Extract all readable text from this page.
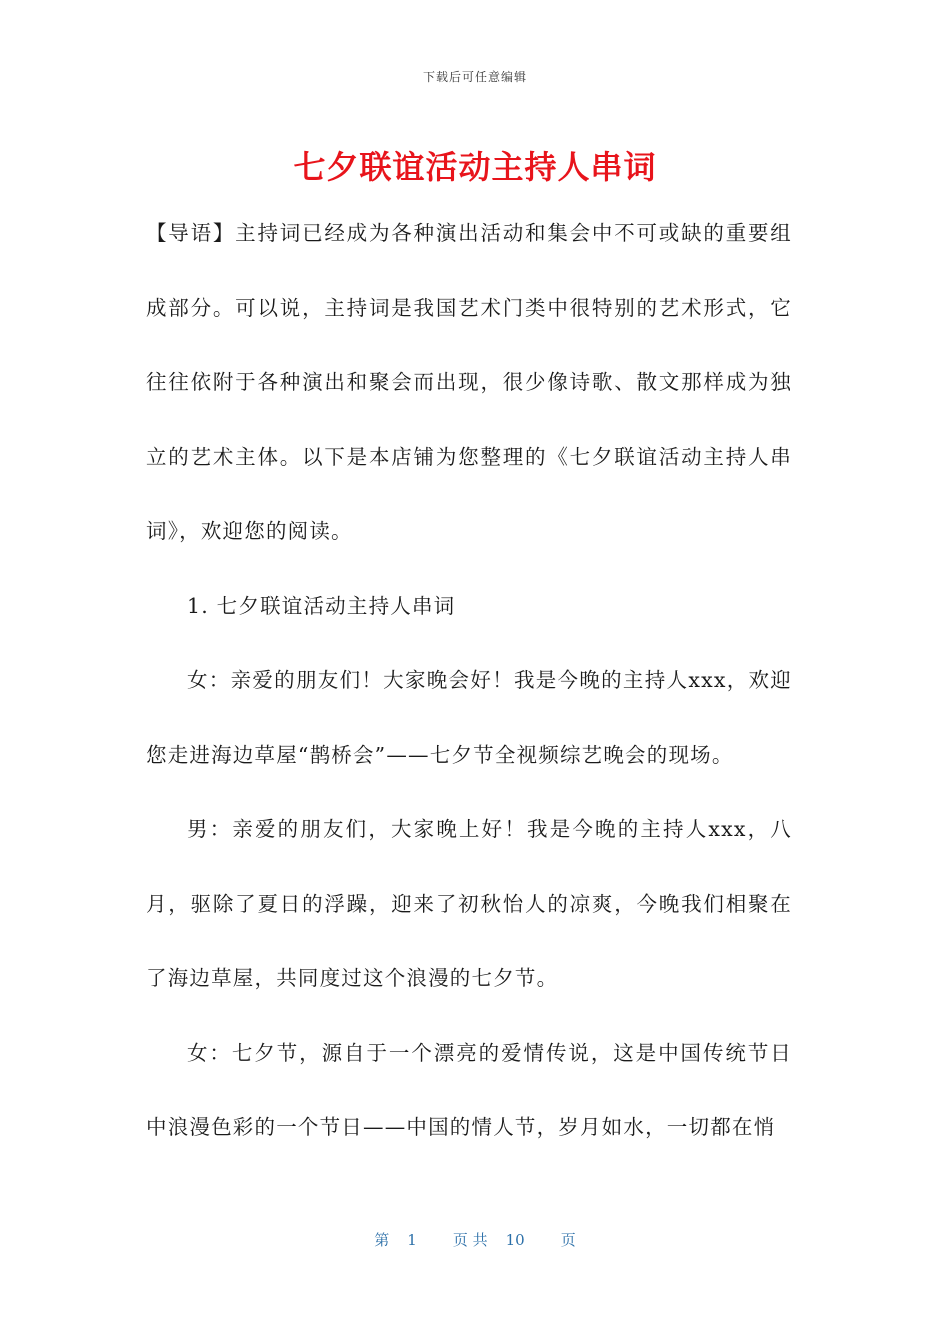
下载后可任意编辑
七夕联谊活动主持人串词

【导语】主持词已经成为各种演出活动和集会中不可或缺的重要组成部分。可以说，主持词是我国艺术门类中很特别的艺术形式，它往往依附于各种演出和聚会而出现，很少像诗歌、散文那样成为独立的艺术主体。以下是本店铺为您整理的《七夕联谊活动主持人串词》，欢迎您的阅读。

1. 七夕联谊活动主持人串词

女：亲爱的朋友们！大家晚会好！我是今晚的主持人xxx，欢迎您走进海边草屋“鹊桥会”——七夕节全视频综艺晚会的现场。

男：亲爱的朋友们，大家晚上好！我是今晚的主持人xxx，八月，驱除了夏日的浮躁，迎来了初秋怡人的凉爽，今晚我们相聚在了海边草屋，共同度过这个浪漫的七夕节。

女：七夕节，源自于一个漂亮的爱情传说，这是中国传统节日中浪漫色彩的一个节日——中国的情人节，岁月如水，一切都在悄

第 1 页 共 10 页
